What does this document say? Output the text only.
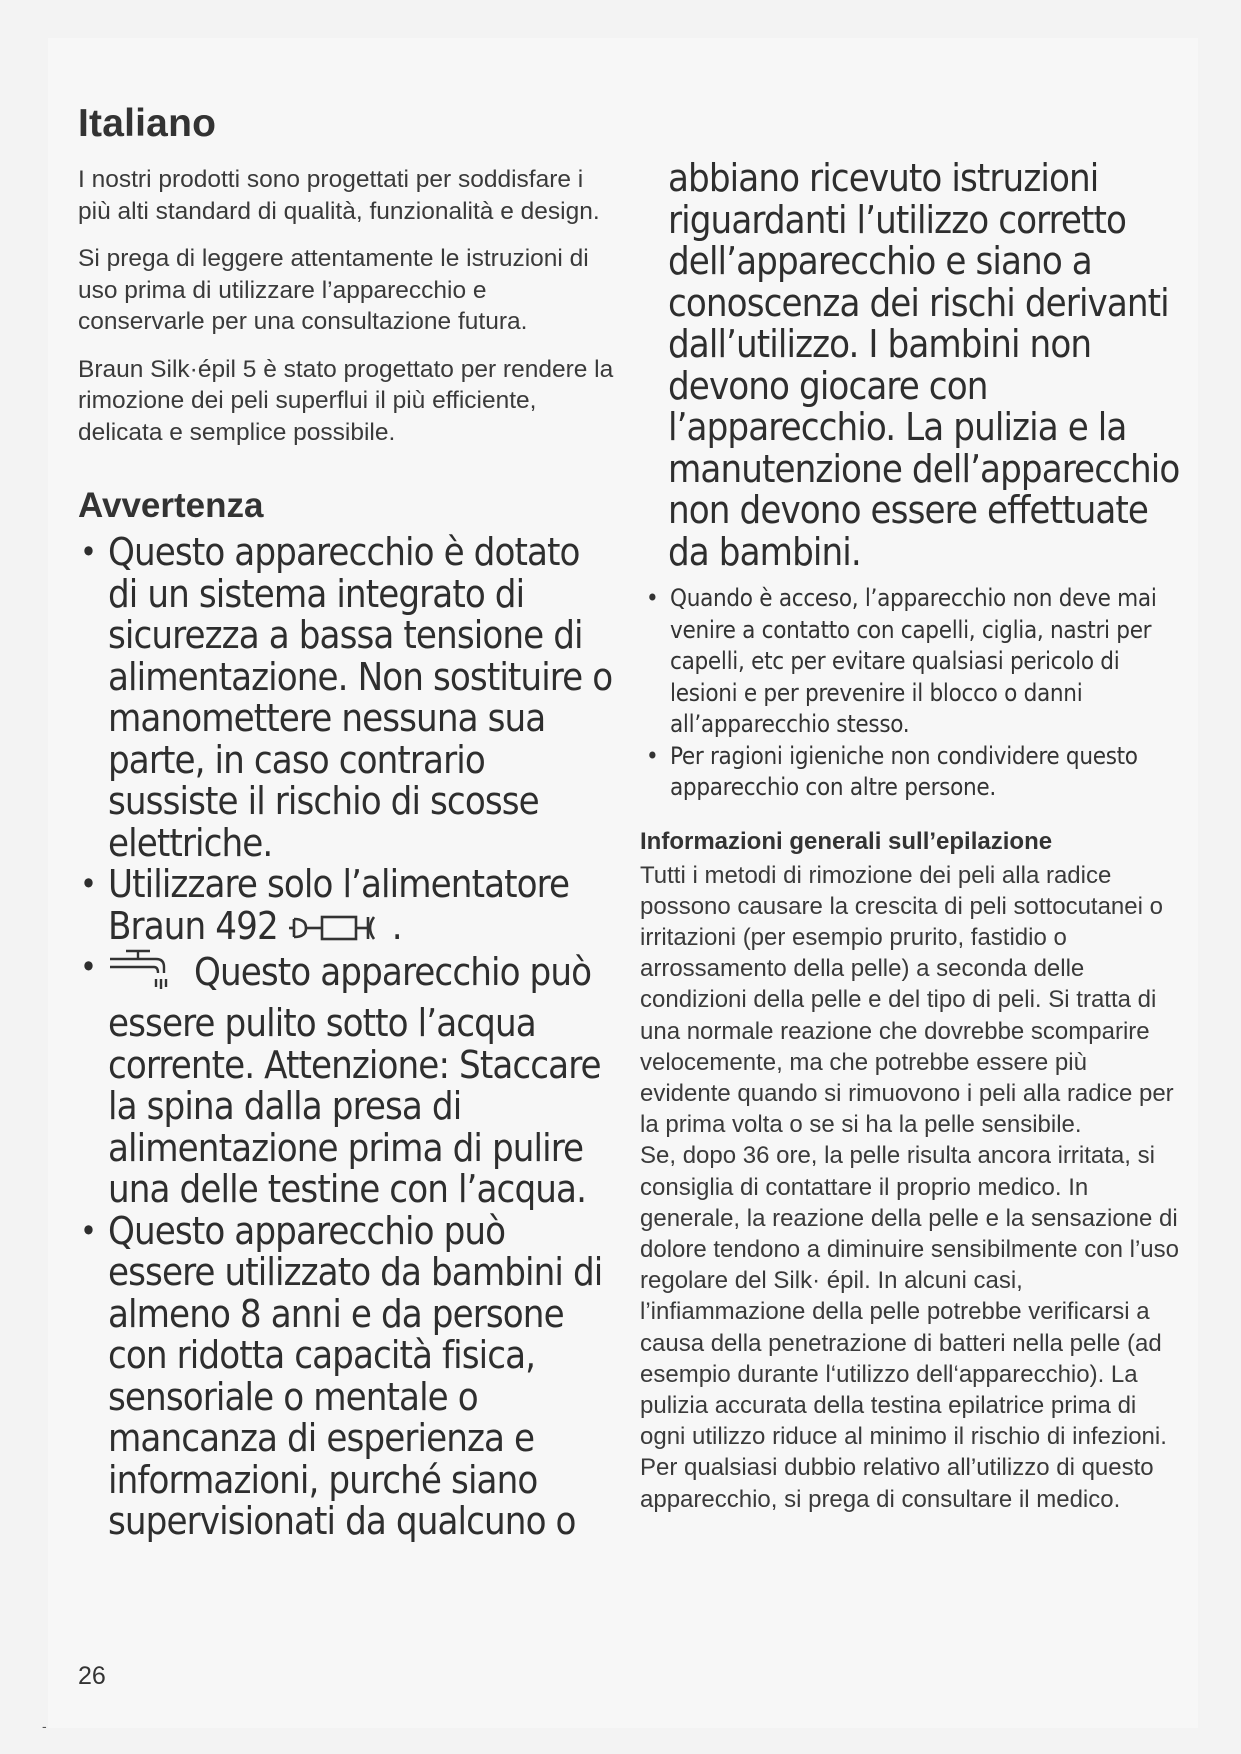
Italiano

I nostri prodotti sono progettati per soddisfare i più alti standard di qualità, funzionalità e design.

Si prega di leggere attentamente le istruzioni di uso prima di utilizzare l’apparecchio e conservarle per una consultazione futura.

Braun Silk·épil 5 è stato progettato per rendere la rimozione dei peli superflui il più efficiente, delicata e semplice possibile.

Avvertenza
• Questo apparecchio è dotato di un sistema integrato di sicurezza a bassa tensione di alimentazione. Non sostituire o manomettere nessuna sua parte, in caso contrario sussiste il rischio di scosse elettriche.
• Utilizzare solo l’alimentatore Braun 492	.
•	Questo apparecchio può essere pulito sotto l’acqua corrente. Attenzione: Staccare la spina dalla presa di alimentazione prima di pulire una delle testine con l’acqua.
• Questo apparecchio può essere utilizzato da bambini di almeno 8 anni e da persone con ridotta capacità fisica, sensoriale o mentale o mancanza di esperienza e informazioni, purché siano supervisionati da qualcuno o
abbiano ricevuto istruzioni riguardanti l’utilizzo corretto dell’apparecchio e siano a conoscenza dei rischi derivanti dall’utilizzo. I bambini non devono giocare con l’apparecchio. La pulizia e la manutenzione dell’apparecchio non devono essere effettuate da bambini.
• Quando è acceso, l’apparecchio non deve mai venire a contatto con capelli, ciglia, nastri per capelli, etc per evitare qualsiasi pericolo di lesioni e per prevenire il blocco o danni all’apparecchio stesso.
• Per ragioni igieniche non condividere questo apparecchio con altre persone.
Informazioni generali sull’epilazione

Tutti i metodi di rimozione dei peli alla radice possono causare la crescita di peli sottocutanei o irritazioni (per esempio prurito, fastidio o arrossamento della pelle) a seconda delle condizioni della pelle e del tipo di peli. Si tratta di una normale reazione che dovrebbe scomparire velocemente, ma che potrebbe essere più evidente quando si rimuovono i peli alla radice per la prima volta o se si ha la pelle sensibile.

Se, dopo 36 ore, la pelle risulta ancora irritata, si consiglia di contattare il proprio medico. In generale, la reazione della pelle e la sensazione di dolore tendono a diminuire sensibilmente con l’uso regolare del Silk· épil. In alcuni casi, l’infiammazione della pelle potrebbe verificarsi a causa della penetrazione di batteri nella pelle (ad esempio durante l‘utilizzo dell‘apparecchio). La pulizia accurata della testina epilatrice prima di ogni utilizzo riduce al minimo il rischio di infezioni. Per qualsiasi dubbio relativo all’utilizzo di questo apparecchio, si prega di consultare il medico.

26
-
